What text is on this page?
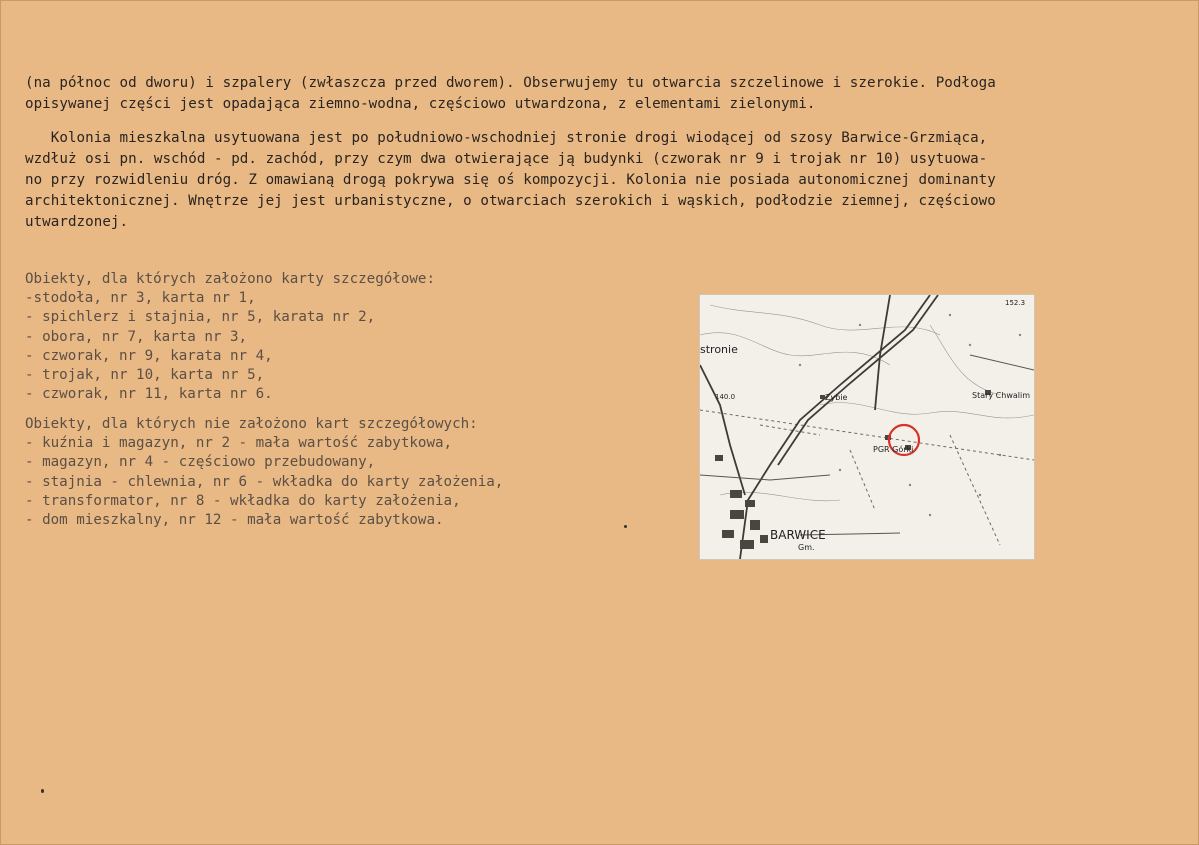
(na północ od dworu) i szpalery (zwłaszcza przed dworem). Obserwujemy tu otwarcia szczelinowe i szerokie. Podłoga
opisywanej części jest opadająca ziemno-wodna, częściowo utwardzona, z elementami zielonymi.

Kolonia mieszkalna usytuowana jest po południowo-wschodniej stronie drogi wiodącej od szosy Barwice-Grzmiąca,
wzdłuż osi pn. wschód - pd. zachód, przy czym dwa otwierające ją budynki (czworak nr 9 i trojak nr 10) usytuowa-
no przy rozwidleniu dróg. Z omawianą drogą pokrywa się oś kompozycji. Kolonia nie posiada autonomicznej dominanty
architektonicznej. Wnętrze jej jest urbanistyczne, o otwarciach szerokich i wąskich, podłodzie ziemnej, częściowo
utwardzonej.

Obiekty, dla których założono karty szczegółowe:
-stodoła, nr 3, karta nr 1,
- spichlerz i stajnia, nr 5, karata nr 2,
- obora, nr 7, karta nr 3,
- czworak, nr 9, karata nr 4,
- trojak, nr 10, karta nr 5,
- czworak, nr 11, karta nr 6.
Obiekty, dla których nie założono kart szczegółowych:
- kuźnia i magazyn, nr 2 - mała wartość zabytkowa,
- magazyn, nr 4 - częściowo przebudowany,
- stajnia - chlewnia, nr 6 - wkładka do karty założenia,
- transformator, nr 8 - wkładka do karty założenia,
- dom mieszkalny, nr 12 - mała wartość zabytkowa.
stronie
BARWICE
Gm.
Stary Chwalim
PGR Górki
Zybie
140.0
152.3
